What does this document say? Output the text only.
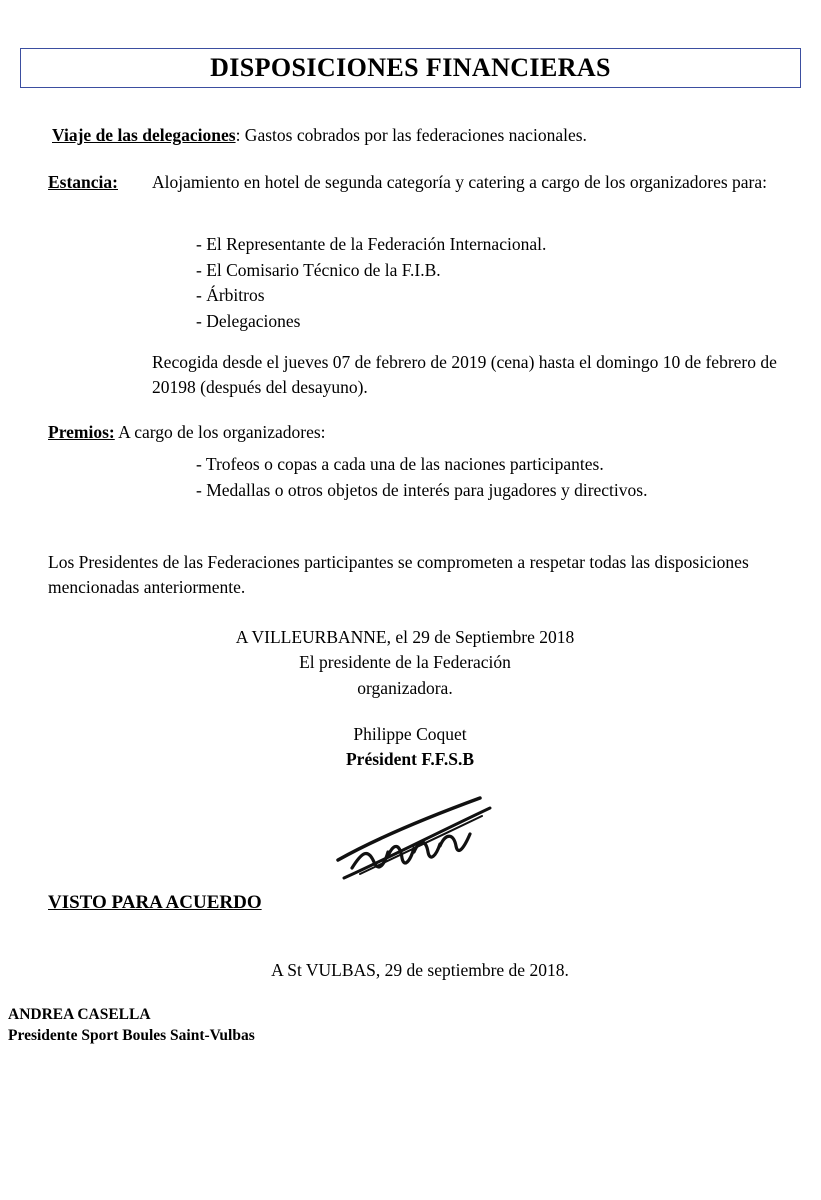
DISPOSICIONES FINANCIERAS
Viaje de las delegaciones: Gastos cobrados por las federaciones nacionales.
Estancia:	Alojamiento en hotel de segunda categoría y catering a cargo de los organizadores para:
- El Representante de la Federación Internacional.
- El Comisario Técnico de la F.I.B.
- Árbitros
- Delegaciones
Recogida desde el jueves 07 de febrero de 2019 (cena) hasta el domingo 10 de febrero de 20198 (después del desayuno).
Premios: A cargo de los organizadores:
- Trofeos o copas a cada una de las naciones participantes.
- Medallas o otros objetos de interés para jugadores y directivos.
Los Presidentes de las Federaciones participantes se comprometen a respetar todas las disposiciones mencionadas anteriormente.
A VILLEURBANNE, el 29 de Septiembre 2018
El presidente de la Federación
organizadora.
Philippe Coquet
Président F.F.S.B
VISTO PARA ACUERDO
A St VULBAS, 29 de septiembre de 2018.
ANDREA CASELLA
Presidente Sport Boules Saint-Vulbas
